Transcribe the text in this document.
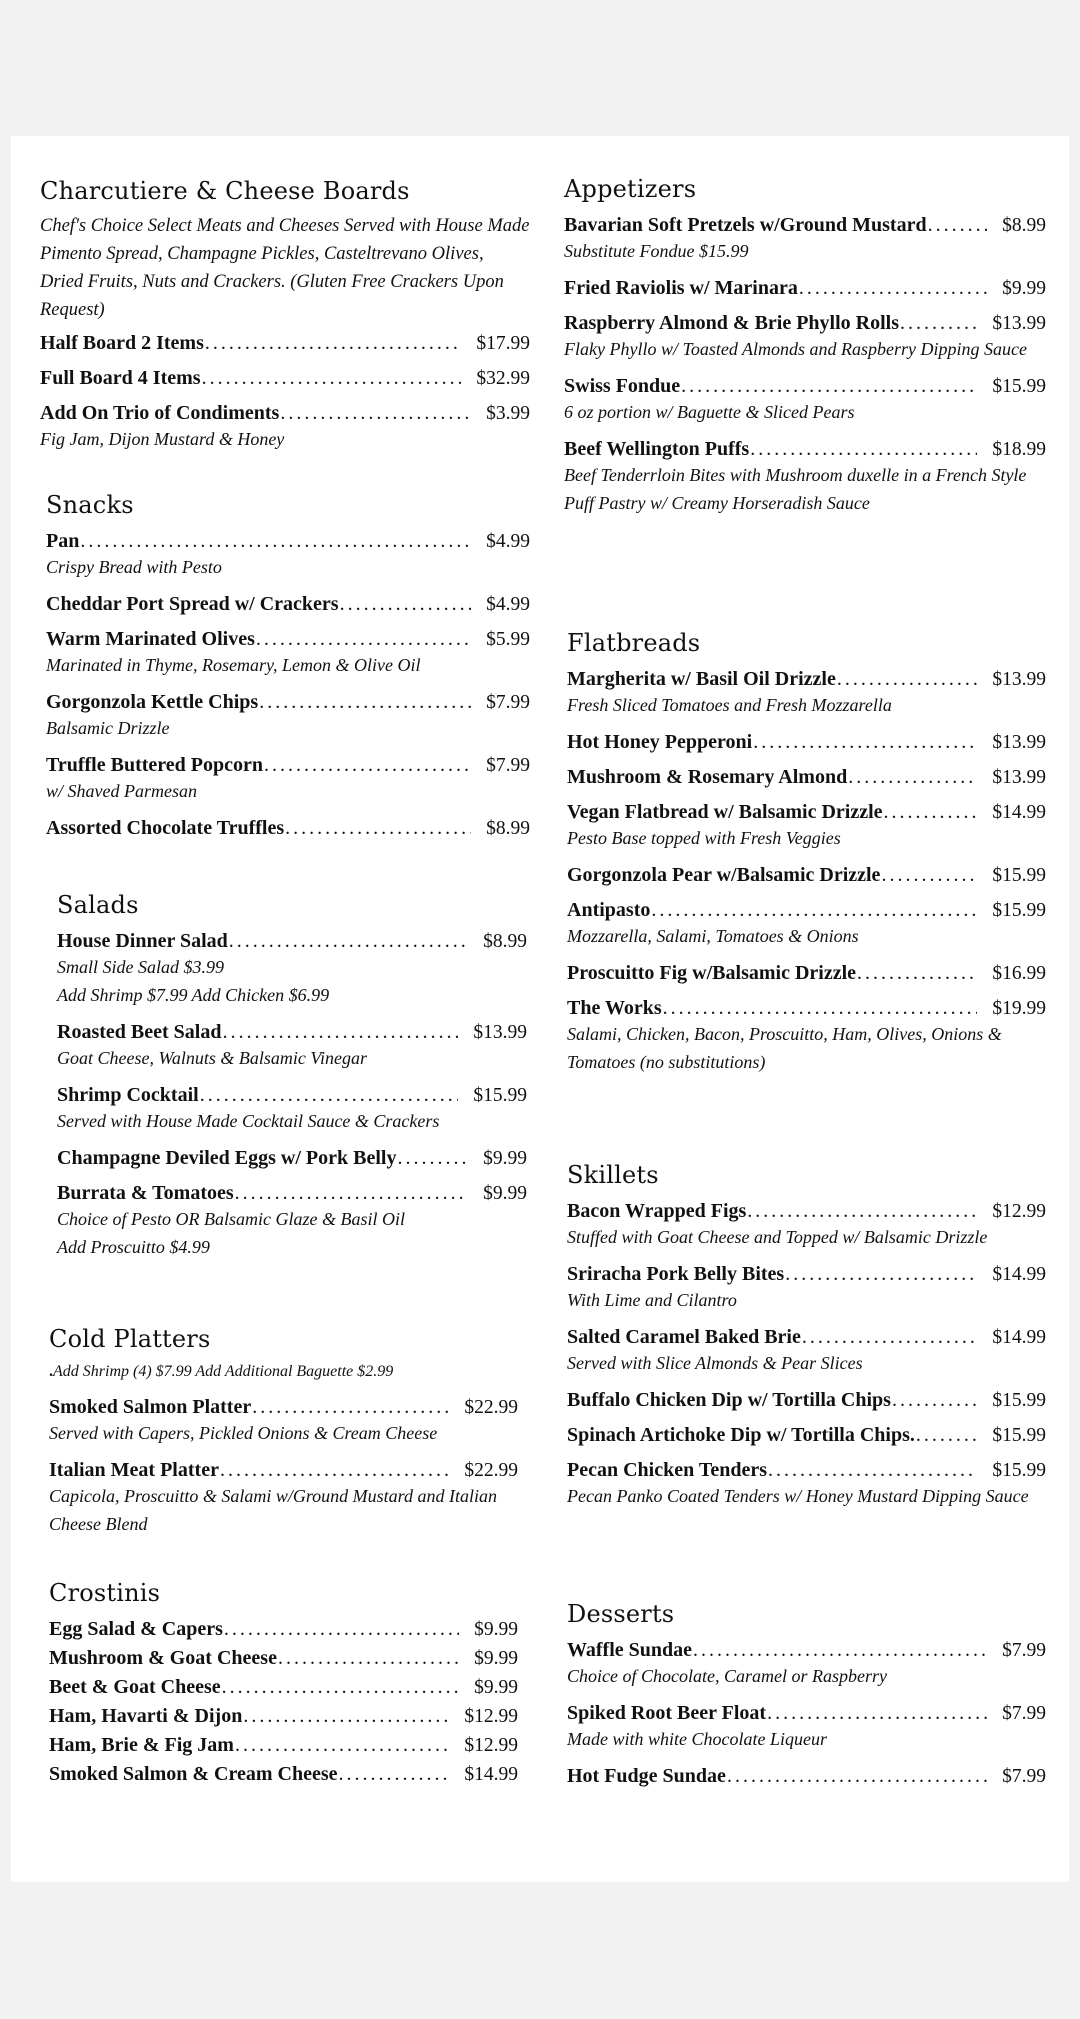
Charcutiere & Cheese Boards
Chef's Choice Select Meats and Cheeses Served with House Made Pimento Spread, Champagne Pickles, Casteltrevano Olives, Dried Fruits, Nuts and Crackers. (Gluten Free Crackers Upon Request)
Half Board 2 Items . . .	$17.99
Full Board 4 Items . . .	$32.99
Add On Trio of Condiments . . .	$3.99
Fig Jam, Dijon Mustard & Honey
Snacks
Pan . . .	$4.99
Crispy Bread with Pesto
Cheddar Port Spread w/ Crackers . . .	$4.99
Warm Marinated Olives . . .	$5.99
Marinated in Thyme, Rosemary, Lemon & Olive Oil
Gorgonzola Kettle Chips . . .	$7.99
Balsamic Drizzle
Truffle Buttered Popcorn . . .	$7.99
w/ Shaved Parmesan
Assorted Chocolate Truffles . . .	$8.99
Salads
House Dinner Salad . . .	$8.99
Small Side Salad $3.99
Add Shrimp $7.99 Add Chicken $6.99
Roasted Beet Salad . . .	$13.99
Goat Cheese, Walnuts & Balsamic Vinegar
Shrimp Cocktail . . .	$15.99
Served with House Made Cocktail Sauce & Crackers
Champagne Deviled Eggs w/ Pork Belly . . .	$9.99
Burrata & Tomatoes . . .	$9.99
Choice of Pesto OR Balsamic Glaze & Basil Oil
Add Proscuitto $4.99
Cold Platters
.Add Shrimp (4) $7.99 Add Additional Baguette $2.99
Smoked Salmon Platter . . .	$22.99
Served with Capers, Pickled Onions & Cream Cheese
Italian Meat Platter . . .	$22.99
Capicola, Proscuitto & Salami w/Ground Mustard and Italian Cheese Blend
Crostinis
Egg Salad & Capers . . .	$9.99
Mushroom & Goat Cheese . . .	$9.99
Beet & Goat Cheese . . .	$9.99
Ham, Havarti & Dijon . . .	$12.99
Ham, Brie & Fig Jam . . .	$12.99
Smoked Salmon & Cream Cheese . . .	$14.99
Appetizers
Bavarian Soft Pretzels w/Ground Mustard . . .	$8.99
Substitute Fondue $15.99
Fried Raviolis w/ Marinara . . .	$9.99
Raspberry Almond & Brie Phyllo Rolls . . .	$13.99
Flaky Phyllo w/ Toasted Almonds and Raspberry Dipping Sauce
Swiss Fondue . . .	$15.99
6 oz portion w/ Baguette & Sliced Pears
Beef Wellington Puffs . . .	$18.99
Beef Tenderrloin Bites with Mushroom duxelle in a French Style Puff Pastry w/ Creamy Horseradish Sauce
Flatbreads
Margherita w/ Basil Oil Drizzle . . .	$13.99
Fresh Sliced Tomatoes and Fresh Mozzarella
Hot Honey Pepperoni . . .	$13.99
Mushroom & Rosemary Almond . . .	$13.99
Vegan Flatbread w/ Balsamic Drizzle . . .	$14.99
Pesto Base topped with Fresh Veggies
Gorgonzola Pear w/Balsamic Drizzle . . .	$15.99
Antipasto . . .	$15.99
Mozzarella, Salami, Tomatoes & Onions
Proscuitto Fig w/Balsamic Drizzle . . .	$16.99
The Works . . .	$19.99
Salami, Chicken, Bacon, Proscuitto, Ham, Olives, Onions & Tomatoes (no substitutions)
Skillets
Bacon Wrapped Figs . . .	$12.99
Stuffed with Goat Cheese and Topped w/ Balsamic Drizzle
Sriracha Pork Belly Bites . . .	$14.99
With Lime and Cilantro
Salted Caramel Baked Brie . . .	$14.99
Served with Slice Almonds & Pear Slices
Buffalo Chicken Dip w/ Tortilla Chips . . .	$15.99
Spinach Artichoke Dip w/ Tortilla Chips. . . .	$15.99
Pecan Chicken Tenders . . .	$15.99
Pecan Panko Coated Tenders w/ Honey Mustard Dipping Sauce
Desserts
Waffle Sundae . . .	$7.99
Choice of Chocolate, Caramel or Raspberry
Spiked Root Beer Float . . .	$7.99
Made with white Chocolate Liqueur
Hot Fudge Sundae . . .	$7.99
